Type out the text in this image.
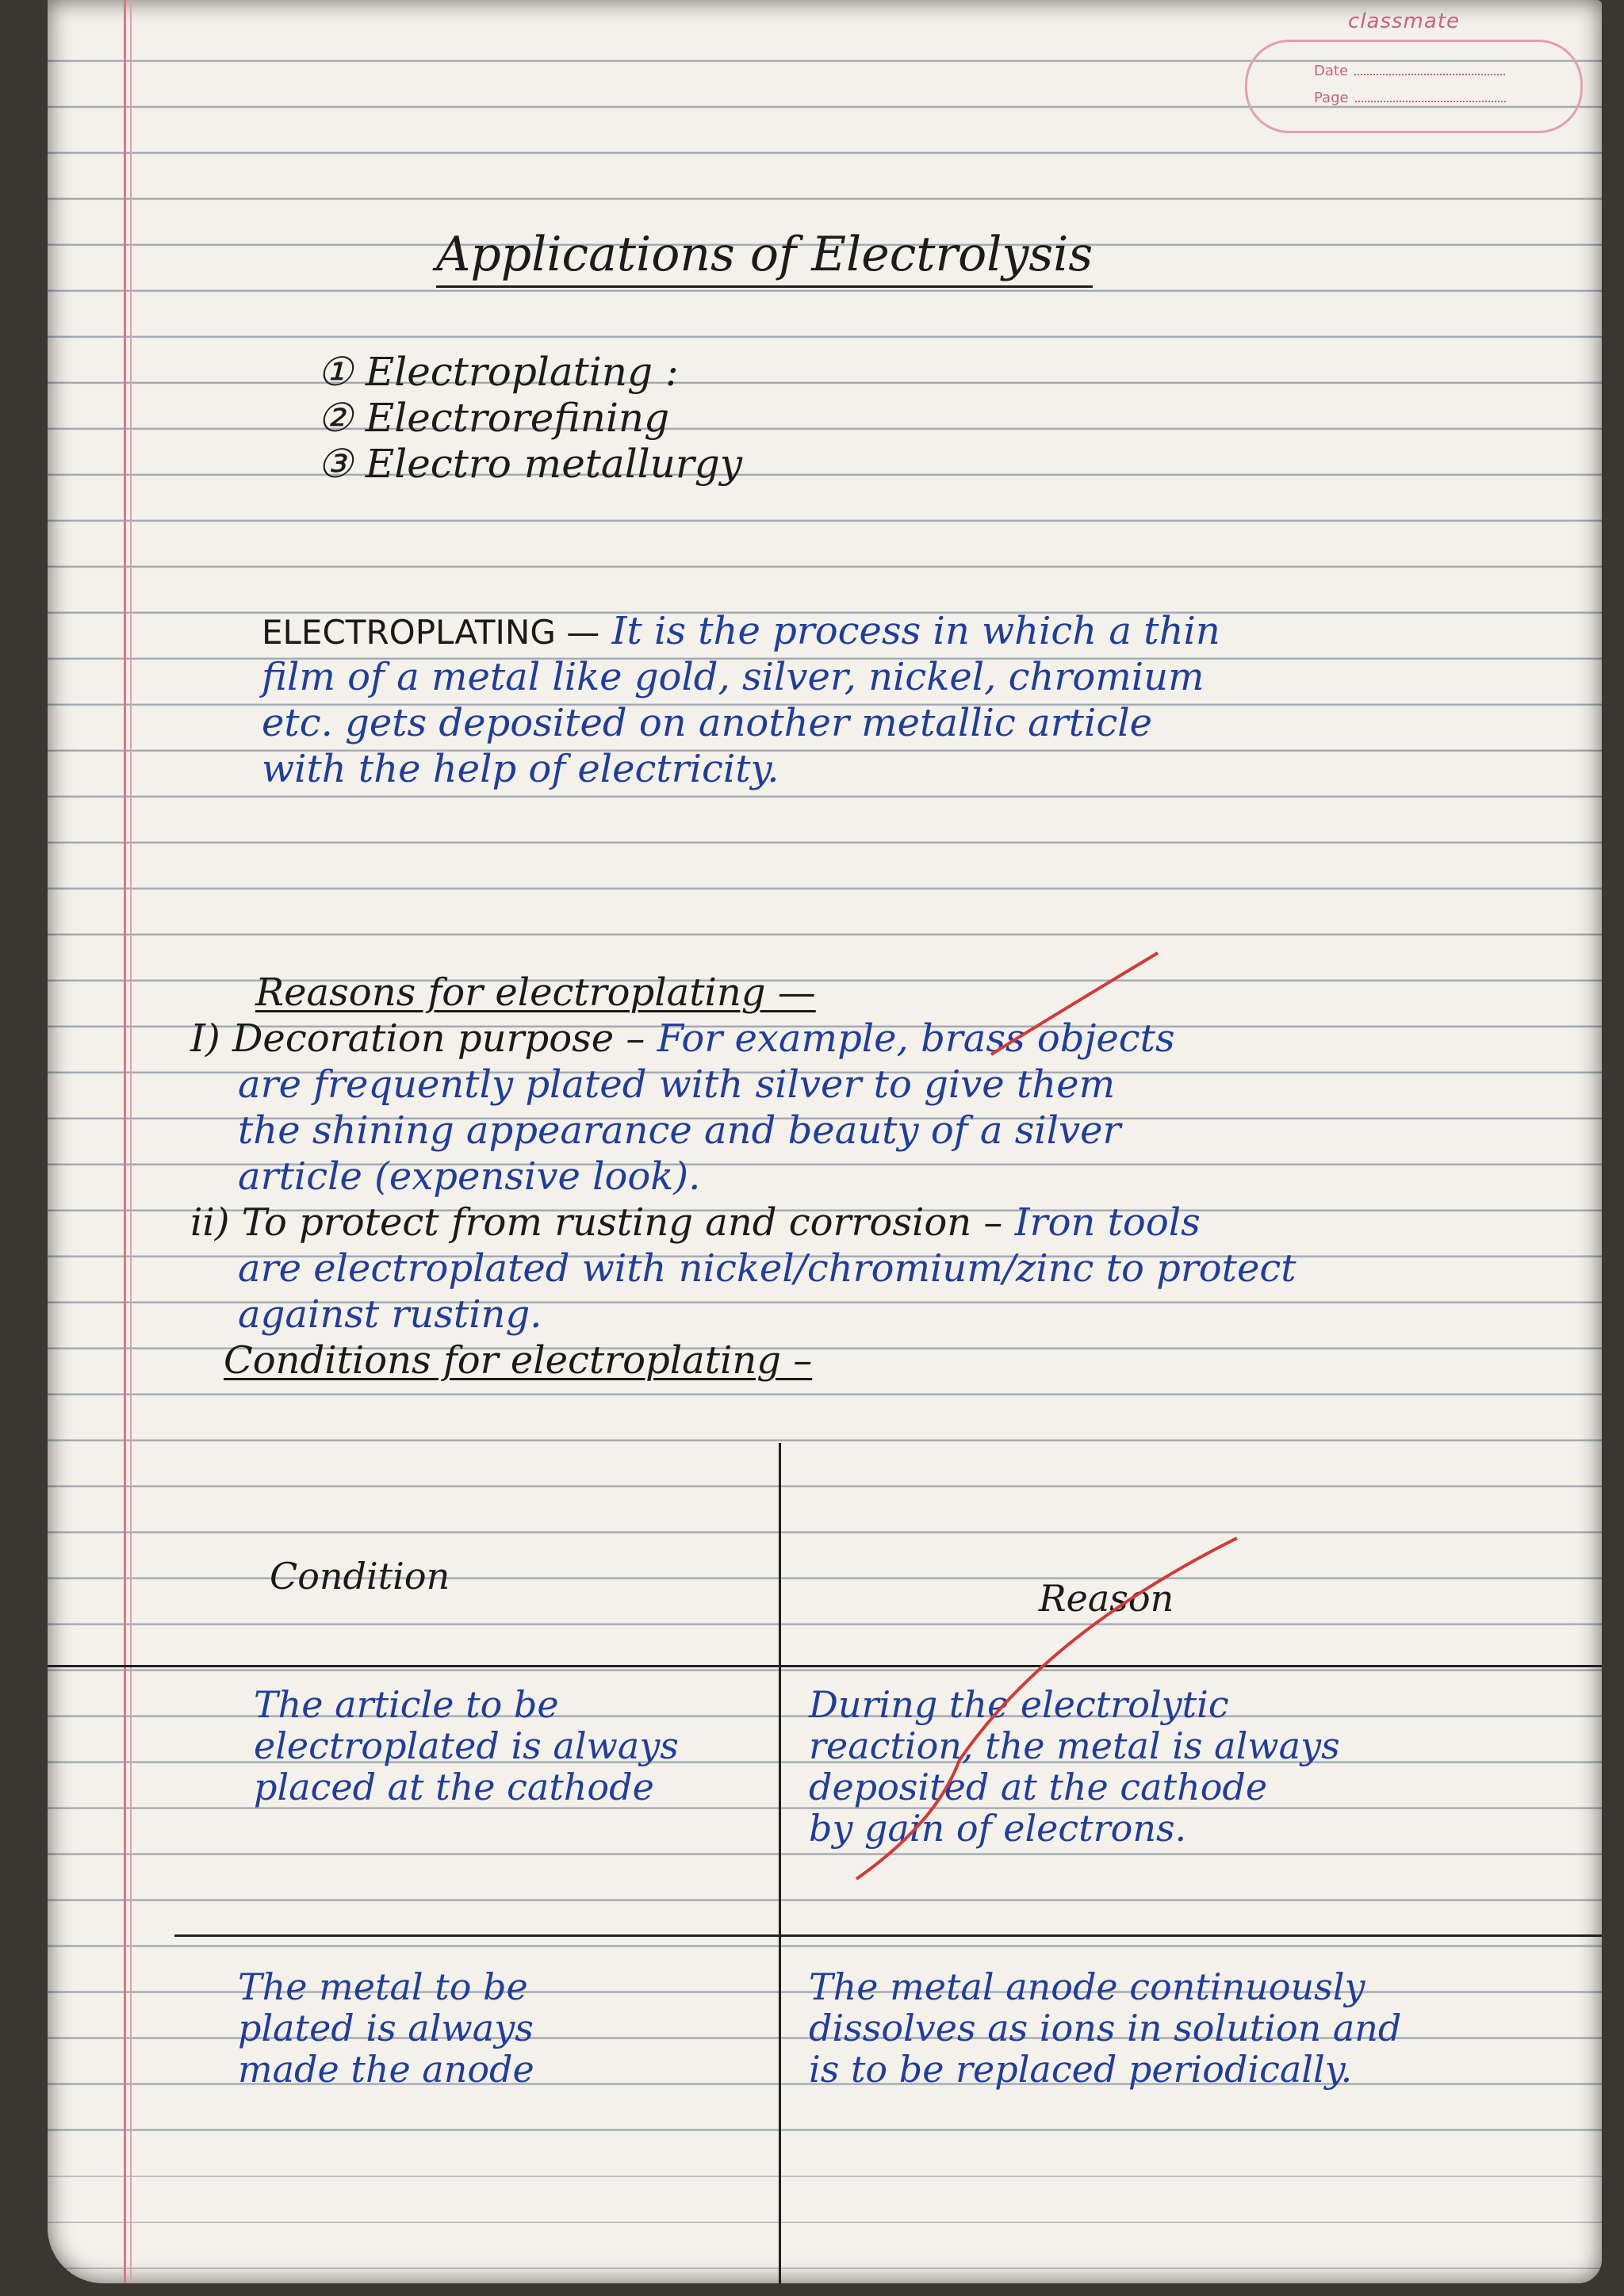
classmate
Date
Page
Applications of Electrolysis
① Electroplating :
② Electrorefining
③ Electro metallurgy
ELECTROPLATING — It is the process in which a thin
film of a metal like gold, silver, nickel, chromium
etc. gets deposited on another metallic article
with the help of electricity.
Reasons for electroplating —
I) Decoration purpose – For example, brass objects
are frequently plated with silver to give them
the shining appearance and beauty of a silver
article (expensive look).
ii) To protect from rusting and corrosion – Iron tools
are electroplated with nickel/chromium/zinc to protect
against rusting.
Conditions for electroplating –
Condition
Reason
The article to be
electroplated is always
placed at the cathode
During the electrolytic
reaction, the metal is always
deposited at the cathode
by gain of electrons.
The metal to be
plated is always
made the anode
The metal anode continuously
dissolves as ions in solution and
is to be replaced periodically.
